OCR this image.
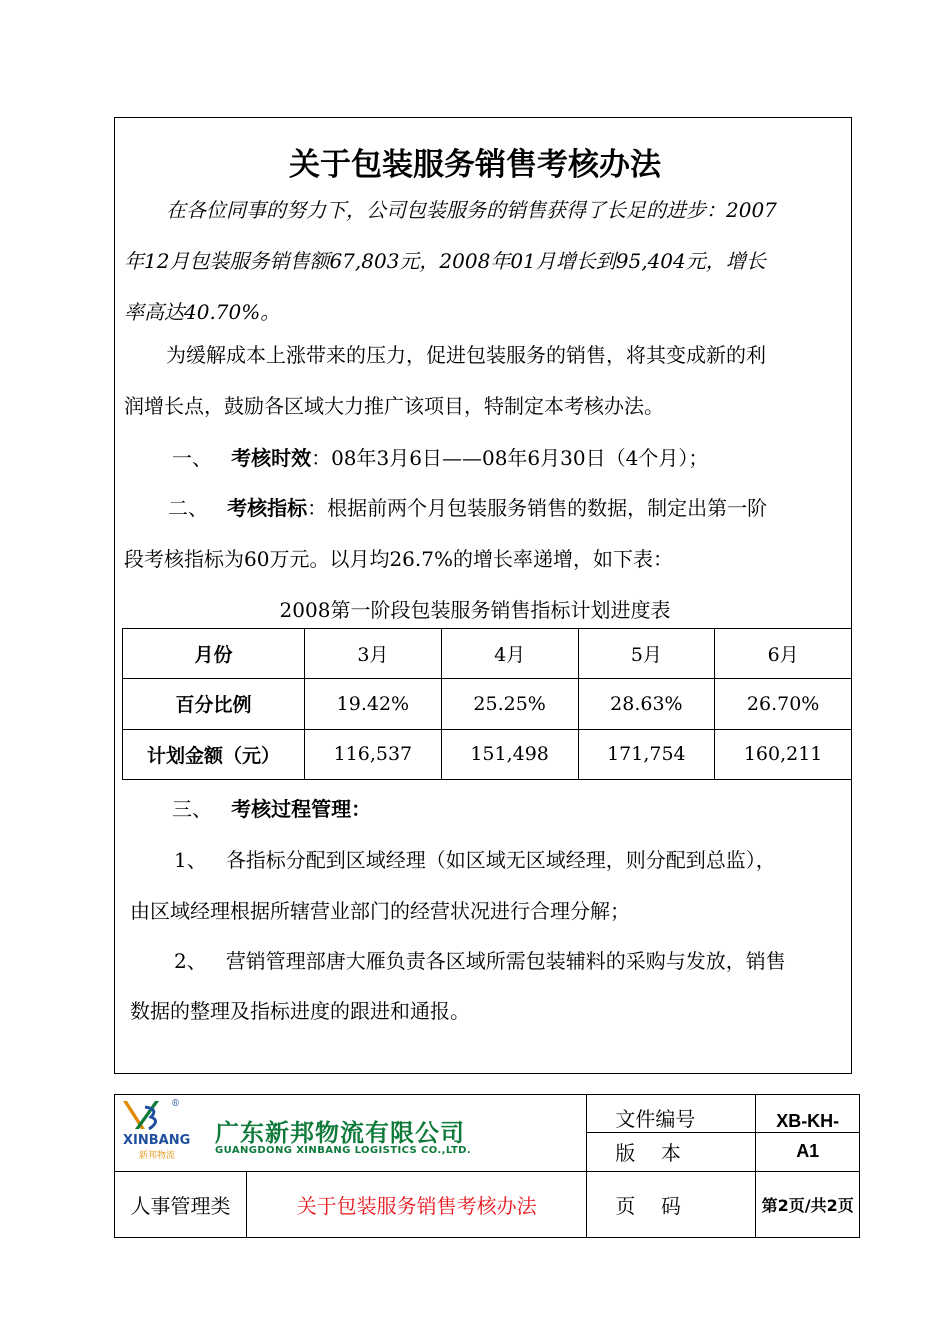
关于包装服务销售考核办法

在各位同事的努力下，公司包装服务的销售获得了长足的进步：2007
年12月包装服务销售额67,803元，2008年01月增长到95,404元，增长
率高达40.70%。

为缓解成本上涨带来的压力，促进包装服务的销售，将其变成新的利
润增长点，鼓励各区域大力推广该项目，特制定本考核办法。

一、 考核时效：08年3月6日——08年6月30日（4个月）；
二、 考核指标：根据前两个月包装服务销售的数据，制定出第一阶
段考核指标为60万元。以月均26.7%的增长率递增，如下表：
2008第一阶段包装服务销售指标计划进度表
月份	3月	4月	5月	6月
百分比例	19.42%	25.25%	28.63%	26.70%
计划金额（元）	116,537	151,498	171,754	160,211
三、 考核过程管理：
1、 各指标分配到区域经理（如区域无区域经理，则分配到总监），
由区域经理根据所辖营业部门的经营状况进行合理分解；
2、 营销管理部唐大雁负责各区域所需包装辅料的采购与发放，销售
数据的整理及指标进度的跟进和通报。
®
XINBANG
新邦物流
广东新邦物流有限公司
GUANGDONG XINBANG LOGISTICS CO.,LTD.		文件编号	XB-KH-
		版    本	A1
人事管理类	关于包装服务销售考核办法	页    码	第2页/共2页
